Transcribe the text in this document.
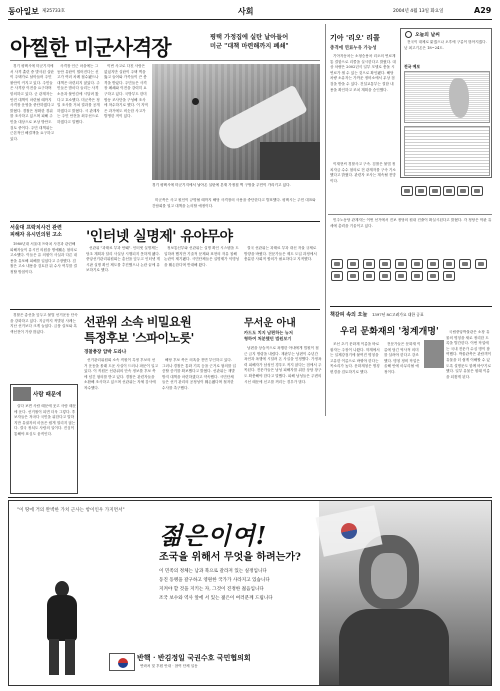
동아일보 제25733호	사회	2004년 4월 13일 화요일	A29
아찔한 미군사격장	평택 가정집에 실탄 날아들어
미군 "대책 마련해까지 폐쇄"

경기 평택시에 미군기지에서 사격 훈련 중 발사된 실탄이 주택가로 날아들어 주민 불안이 커지고 있다. 주민들은 사격장 이전을 요구하며 항의하고 있다. 군 관계자는 안전 대책이 마련될 때까지 사격장 운영을 중단하겠다고 밝혔다. 경찰은 정확한 경위를 조사하고 있으며 피해 주민을 대상으로 보상 방안도 검토 중이다. 주민 대책위는 근본적인 해결책을 요구하고 있다.

사격장 인근 마을에는 그동안 유탄이 떨어진다는 신고가 여러 차례 접수됐으나 대책은 마련되지 않았다. 주민들은 밤마다 들리는 사격 소음과 불안감에 시달려 왔다고 호소했다. 미군측은 정밀 조사를 거쳐 결과를 공개하겠다고 밝혔다. 시 관계자는 주민 안전을 최우선으로 하겠다고 말했다.

이번 사고로 다친 사람은 없었지만 실탄이 주택 벽을 뚫고 들어와 가족들이 큰 충격을 받았다. 주민들은 사격장 폐쇄와 이전을 강력히 요구하고 있다. 국방부도 한미 합동 조사단을 구성해 조사에 착수하기로 했다. 이 지역은 과거에도 비슷한 사고가 발생한 적이 있다.

경기 평택시에 미군기지에서 날아온 실탄에 본재 가정집 벽 구멍을 주민이 가리키고 있다.

미군측은 사고 원인이 규명될 때까지 해당 사격장의 사용을 중단한다고 발표했다. 평택시는 주민 대표와 간담회를 열고 대책을 논의할 예정이다.

기아 '리오' 리콜
충격에 연료누유 가능성

기아자동차는 소형승용차 리오의 연료계통 결함으로 리콜을 실시한다고 밝혔다. 대상 차량은 2002년식 일부 모델로 충돌 시 연료가 샐 수 있는 것으로 확인됐다. 해당 차량 소유자는 가까운 정비소에서 무상 점검을 받을 수 있다. 건설교통부는 결함 내용을 확인하고 조치 계획을 승인했다.

오늘의 날씨

전국이 대체로 맑겠으나 오후에 구름이 많아지겠다. 낮 최고기온은 18~24도.

전국 예보

이재현씨 경찰사고 구속. 검찰은 불법 정치자금 수수 혐의로 전 관계자를 구속 기소했다고 밝혔다. 관련자 조사는 계속될 전망이다.

서울대 프락치사건 관련
피해자 유시민의원 고소

1980년대 서울대 프락치 사건과 관련해 피해자들이 유시민 의원을 명예훼손 혐의로 고소했다. 이들은 유 의원이 사실과 다른 내용을 유포해 피해를 입었다고 주장했다. 검찰은 고소 내용을 검토한 뒤 수사 여부를 결정할 방침이다.

'인터넷 실명제' 유야무야

선관위 "과태료 부과 안돼". 인터넷 실명제는 당초 계획과 달리 사실상 시행되지 못하게 됐다. 중앙선거관리위원회는 총선을 앞두고 인터넷 게시판 실명 확인 제도를 추진했으나 논란 끝에 유보하기로 했다.

정보통신부와 선관위는 실명 확인 시스템을 도입하려 했지만 기술적 문제와 표현의 자유 침해 논란이 제기됐다. 시민단체들은 실명제가 익명성을 훼손한다며 반대해 왔다.

결국 선관위는 과태료 부과 대신 자율 규제로 방향을 바꿨다. 전문가들은 제도 도입 과정에서 충분한 사회적 합의가 필요하다고 지적했다.

민주노동당 관계자는 이번 선거에서 진보 정당의 원내 진출이 확실시된다고 밝혔다. 각 정당은 막판 유세에 총력을 기울이고 있다.

경찰은 총선을 앞두고 불법 선거운동 단속을 강화하고 있다. 지금까지 적발된 사례는 지난 선거보다 크게 늘었다. 금품 살포와 흑색선전이 가장 많았다.

사람 때문에

살다 보면 사람 때문에 웃고 사람 때문에 운다. 선거철이 되면 더욱 그렇다. 후보자들은 저마다 국민을 위한다고 말하지만 유권자의 마음은 쉽게 열리지 않는다. 결국 정치도 사람의 일이다. 진심이 통해야 표심도 움직인다.

선관위 소속 비밀요원
특정후보 '스파이노릇'
경찰총장 압박 도라나

선거관리위원회 소속 직원이 특정 후보의 선거 운동을 몰래 도운 사실이 드러나 파문이 일고 있다. 이 직원은 선관위의 단속 정보를 후보 측에 넘긴 혐의를 받고 있다. 경찰은 관련자들을 소환해 조사하고 있으며 선관위는 자체 감사에 착수했다.

해당 후보 측은 의혹을 전면 부인하고 있다. 그러나 경찰은 통화 기록 등을 근거로 혐의를 입증할 증거를 확보했다고 밝혔다. 선관위는 재발 방지 대책을 마련하겠다고 약속했다. 시민단체들은 선거 관리의 공정성이 훼손됐다며 철저한 수사를 촉구했다.

무서운 아내
카드도 치지 남편하는 뉴저
형하여 처분했던 법원보기

남편을 상습적으로 폭행한 아내에게 법원이 접근 금지 명령을 내렸다. 재판부는 남편이 수년간 폭언과 폭행에 시달려 온 사실을 인정했다. 가정폭력 피해자가 남성인 경우도 적지 않다는 점에서 주목된다. 전문가들은 남성 피해자를 위한 상담 창구도 확충해야 한다고 말했다. 피해 남성들은 주변의 시선 때문에 신고를 꺼리는 경우가 많다.

책갈피 속의 오늘 1397년 8C고려가요 대한 공표
우리 문화재의 '청계개명'

조선 초기 문화재 이름을 바로잡자는 주장이 나왔다. 학계에서는 일제강점기에 붙여진 명칭을 고유한 이름으로 바꿔야 한다는 목소리가 높다. 문화재청은 명칭 변경을 검토하기로 했다.

전문가들은 문화재 이름에 담긴 역사적 의미를 살려야 한다고 강조했다. 명칭 정비 작업은 올해 안에 마무리될 예정이다.

국립중앙박물관은 소장 유물의 명칭을 새로 정리한 도록을 발간한다. 이번 작업에는 국내 전문가 수십 명이 참여했다. 박물관측은 관람객이 유물을 더 쉽게 이해할 수 있도록 설명문도 함께 바꾸기로 했다. 일부 유물은 원래 이름을 되찾게 된다.

"이 땅에 거의 완벽한 가치 근사는 항이인우 가지면서"
젊은이여!
조국을 위해서 무엇을 하려는가?
이 민족의 정체는 남과 북으로 갈라져 있는 실정입니다
동진 동맹을 갈구하고 영원한 국가가 사라지고 있습니다
지켜야 할 것을 지키는 자, 그것이 진정한 젊음입니다
조국 보수와 역사 앞에 서 있는 젊은이 여러분께 드립니다
반핵 · 반김정일 국권수호 국민협의회

연락처 및 후원 안내 · 참여 단체 일동
